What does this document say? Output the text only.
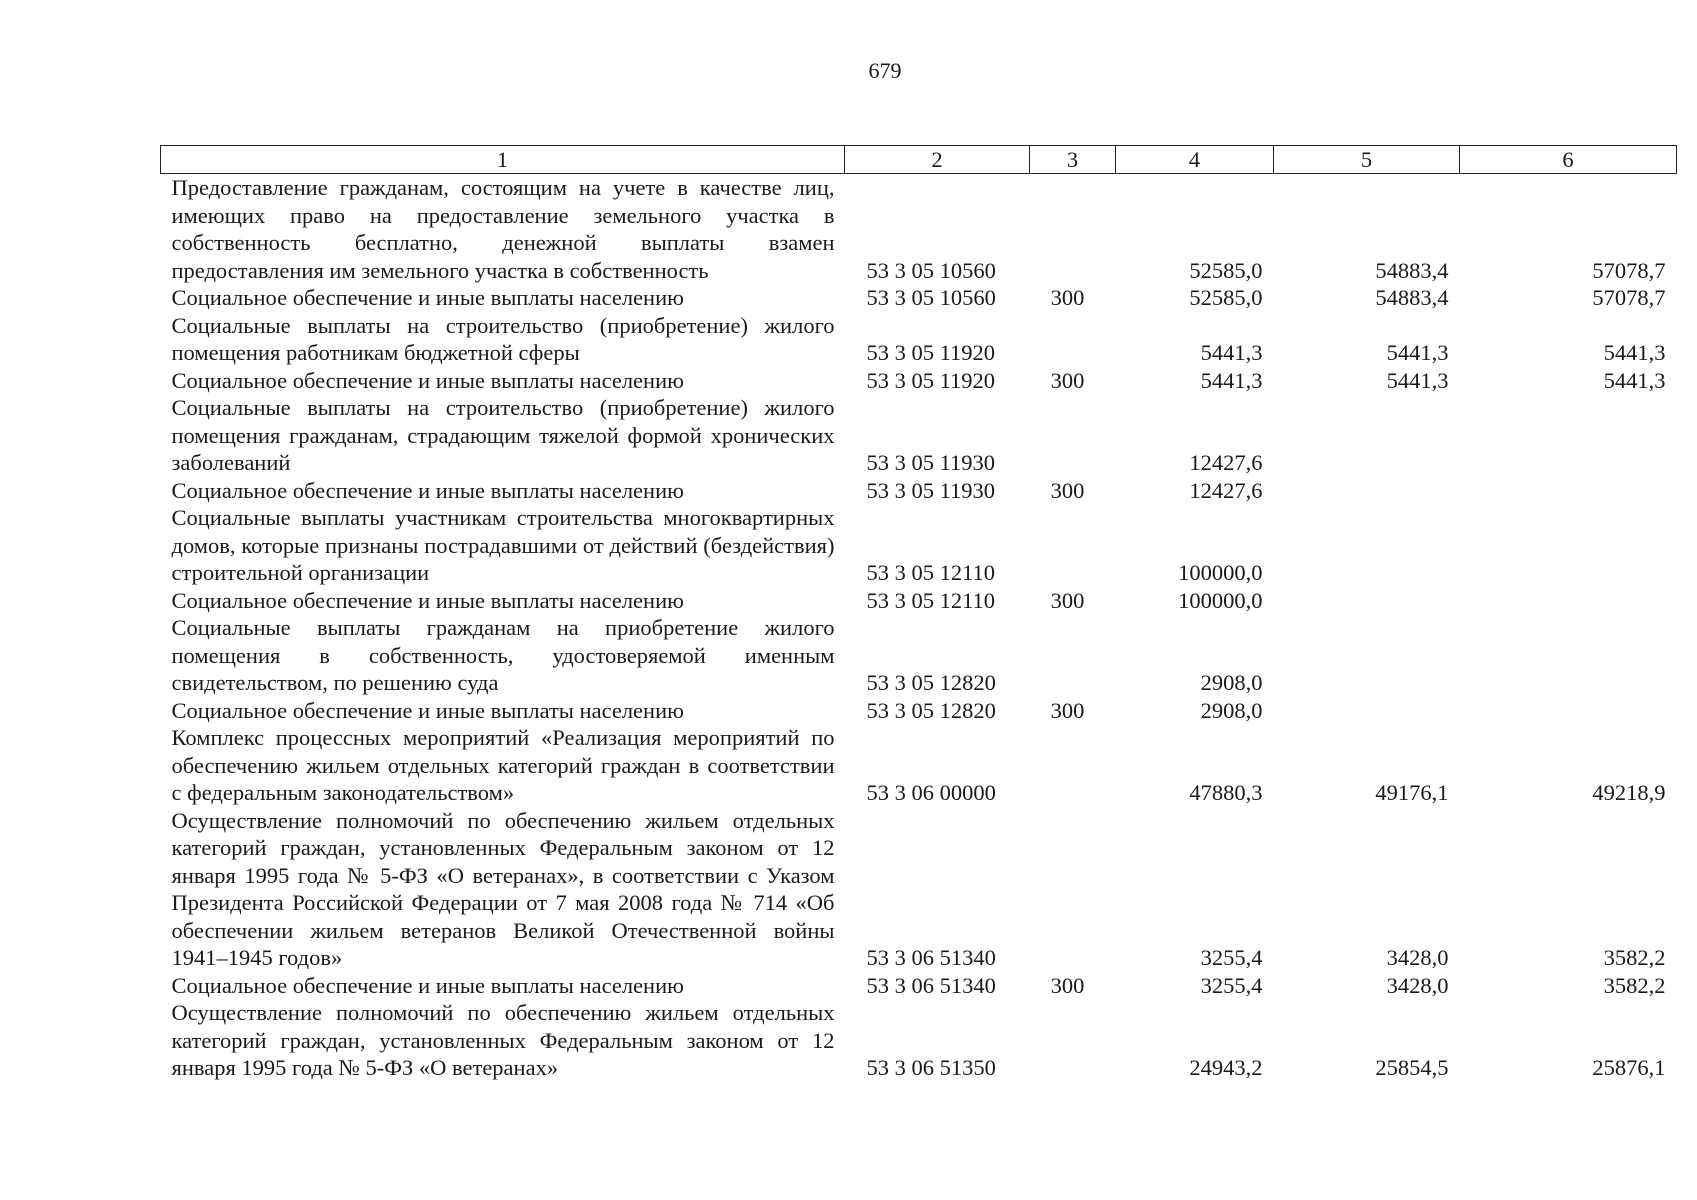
679
1	2	3	4	5	6
Предоставление гражданам, состоящим на учете в качестве лиц, имеющих право на предоставление земельного участка в собственность бесплатно, денежной выплаты взамен предоставления им земельного участка в собственность	53 3 05 10560		52585,0	54883,4	57078,7
Социальное обеспечение и иные выплаты населению	53 3 05 10560	300	52585,0	54883,4	57078,7
Социальные выплаты на строительство (приобретение) жилого помещения работникам бюджетной сферы	53 3 05 11920		5441,3	5441,3	5441,3
Социальное обеспечение и иные выплаты населению	53 3 05 11920	300	5441,3	5441,3	5441,3
Социальные выплаты на строительство (приобретение) жилого помещения гражданам, страдающим тяжелой формой хронических заболеваний	53 3 05 11930		12427,6		
Социальное обеспечение и иные выплаты населению	53 3 05 11930	300	12427,6		
Социальные выплаты участникам строительства многоквартирных домов, которые признаны пострадавшими от действий (бездействия) строительной организации	53 3 05 12110		100000,0		
Социальное обеспечение и иные выплаты населению	53 3 05 12110	300	100000,0		
Социальные выплаты гражданам на приобретение жилого помещения в собственность, удостоверяемой именным свидетельством, по решению суда	53 3 05 12820		2908,0		
Социальное обеспечение и иные выплаты населению	53 3 05 12820	300	2908,0		
Комплекс процессных мероприятий «Реализация мероприятий по обеспечению жильем отдельных категорий граждан в соответствии с федеральным законодательством»	53 3 06 00000		47880,3	49176,1	49218,9
Осуществление полномочий по обеспечению жильем отдельных категорий граждан, установленных Федеральным законом от 12 января 1995 года № 5-ФЗ «О ветеранах», в соответствии с Указом Президента Российской Федерации от 7 мая 2008 года № 714 «Об обеспечении жильем ветеранов Великой Отечественной войны 1941–1945 годов»	53 3 06 51340		3255,4	3428,0	3582,2
Социальное обеспечение и иные выплаты населению	53 3 06 51340	300	3255,4	3428,0	3582,2
Осуществление полномочий по обеспечению жильем отдельных категорий граждан, установленных Федеральным законом от 12 января 1995 года № 5-ФЗ «О ветеранах»	53 3 06 51350		24943,2	25854,5	25876,1
